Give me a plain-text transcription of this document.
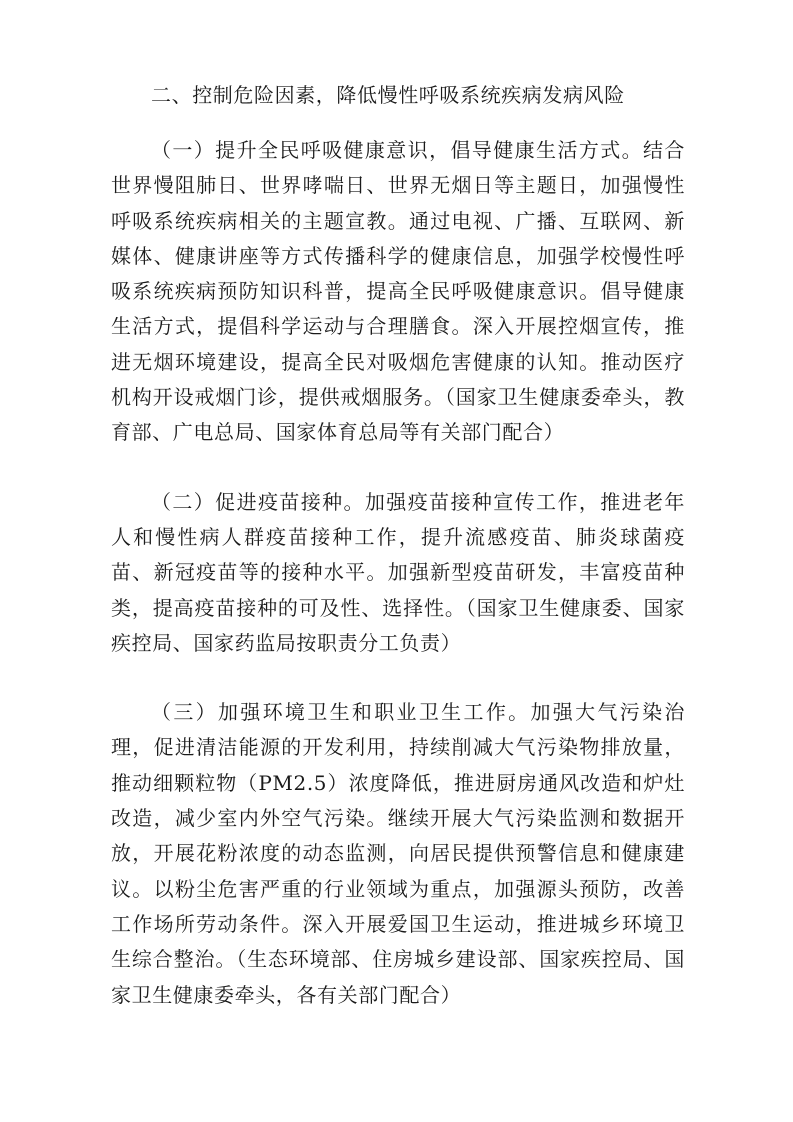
二、控制危险因素，降低慢性呼吸系统疾病发病风险

（一）提升全民呼吸健康意识，倡导健康生活方式。结合世界慢阻肺日、世界哮喘日、世界无烟日等主题日，加强慢性呼吸系统疾病相关的主题宣教。通过电视、广播、互联网、新媒体、健康讲座等方式传播科学的健康信息，加强学校慢性呼吸系统疾病预防知识科普，提高全民呼吸健康意识。倡导健康生活方式，提倡科学运动与合理膳食。深入开展控烟宣传，推进无烟环境建设，提高全民对吸烟危害健康的认知。推动医疗机构开设戒烟门诊，提供戒烟服务。（国家卫生健康委牵头，教育部、广电总局、国家体育总局等有关部门配合）

（二）促进疫苗接种。加强疫苗接种宣传工作，推进老年人和慢性病人群疫苗接种工作，提升流感疫苗、肺炎球菌疫苗、新冠疫苗等的接种水平。加强新型疫苗研发，丰富疫苗种类，提高疫苗接种的可及性、选择性。（国家卫生健康委、国家疾控局、国家药监局按职责分工负责）

（三）加强环境卫生和职业卫生工作。加强大气污染治理，促进清洁能源的开发利用，持续削减大气污染物排放量，推动细颗粒物（PM2.5）浓度降低，推进厨房通风改造和炉灶改造，减少室内外空气污染。继续开展大气污染监测和数据开放，开展花粉浓度的动态监测，向居民提供预警信息和健康建议。以粉尘危害严重的行业领域为重点，加强源头预防，改善工作场所劳动条件。深入开展爱国卫生运动，推进城乡环境卫生综合整治。（生态环境部、住房城乡建设部、国家疾控局、国家卫生健康委牵头，各有关部门配合）
